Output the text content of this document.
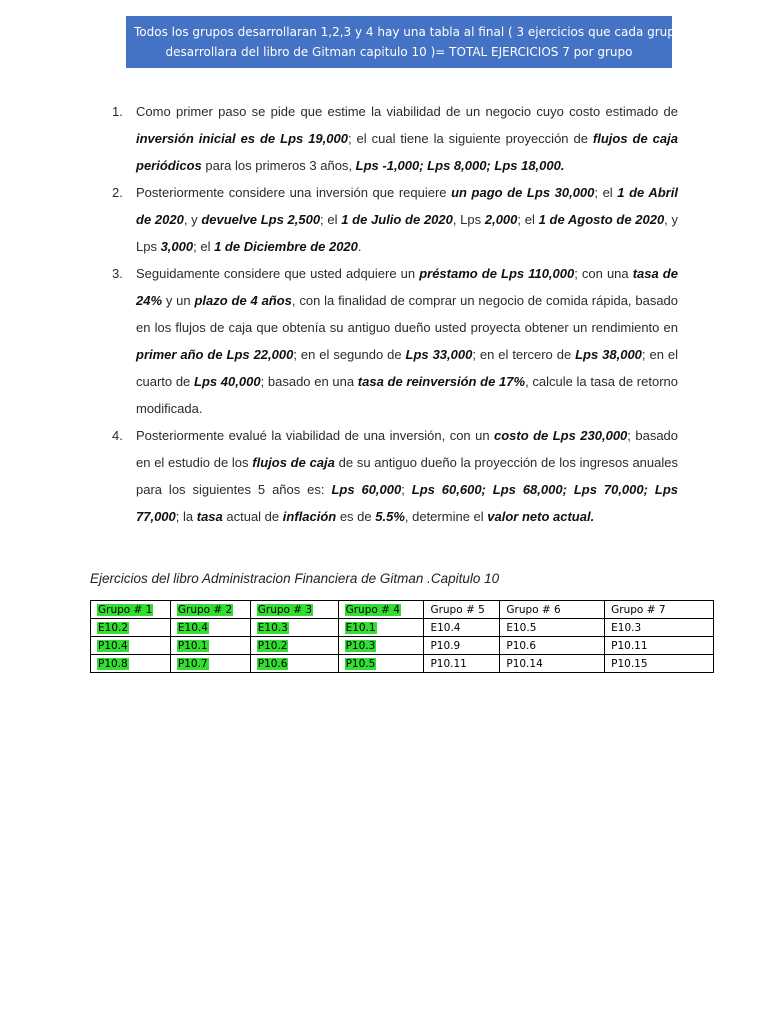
Todos los grupos desarrollaran 1,2,3 y 4 hay una tabla al final ( 3 ejercicios que cada grupo
desarrollara del libro de Gitman capitulo 10 )= TOTAL EJERCICIOS 7 por grupo
1. Como primer paso se pide que estime la viabilidad de un negocio cuyo costo estimado de inversión inicial es de Lps 19,000; el cual tiene la siguiente proyección de flujos de caja periódicos para los primeros 3 años, Lps -1,000; Lps 8,000; Lps 18,000.
2. Posteriormente considere una inversión que requiere un pago de Lps 30,000; el 1 de Abril de 2020, y devuelve Lps 2,500; el 1 de Julio de 2020, Lps 2,000; el 1 de Agosto de 2020, y Lps 3,000; el 1 de Diciembre de 2020.
3. Seguidamente considere que usted adquiere un préstamo de Lps 110,000; con una tasa de 24% y un plazo de 4 años, con la finalidad de comprar un negocio de comida rápida, basado en los flujos de caja que obtenía su antiguo dueño usted proyecta obtener un rendimiento en primer año de Lps 22,000; en el segundo de Lps 33,000; en el tercero de Lps 38,000; en el cuarto de Lps 40,000; basado en una tasa de reinversión de 17%, calcule la tasa de retorno modificada.
4. Posteriormente evalué la viabilidad de una inversión, con un costo de Lps 230,000; basado en el estudio de los flujos de caja de su antiguo dueño la proyección de los ingresos anuales para los siguientes 5 años es: Lps 60,000; Lps 60,600; Lps 68,000; Lps 70,000; Lps 77,000; la tasa actual de inflación es de 5.5%, determine el valor neto actual.
Ejercicios del libro Administracion Financiera de Gitman .Capitulo 10
Grupo # 1	Grupo # 2	Grupo # 3	Grupo # 4	Grupo # 5	Grupo # 6	Grupo # 7
E10.2	E10.4	E10.3	E10.1	E10.4	E10.5	E10.3
P10.4	P10.1	P10.2	P10.3	P10.9	P10.6	P10.11
P10.8	P10.7	P10.6	P10.5	P10.11	P10.14	P10.15
